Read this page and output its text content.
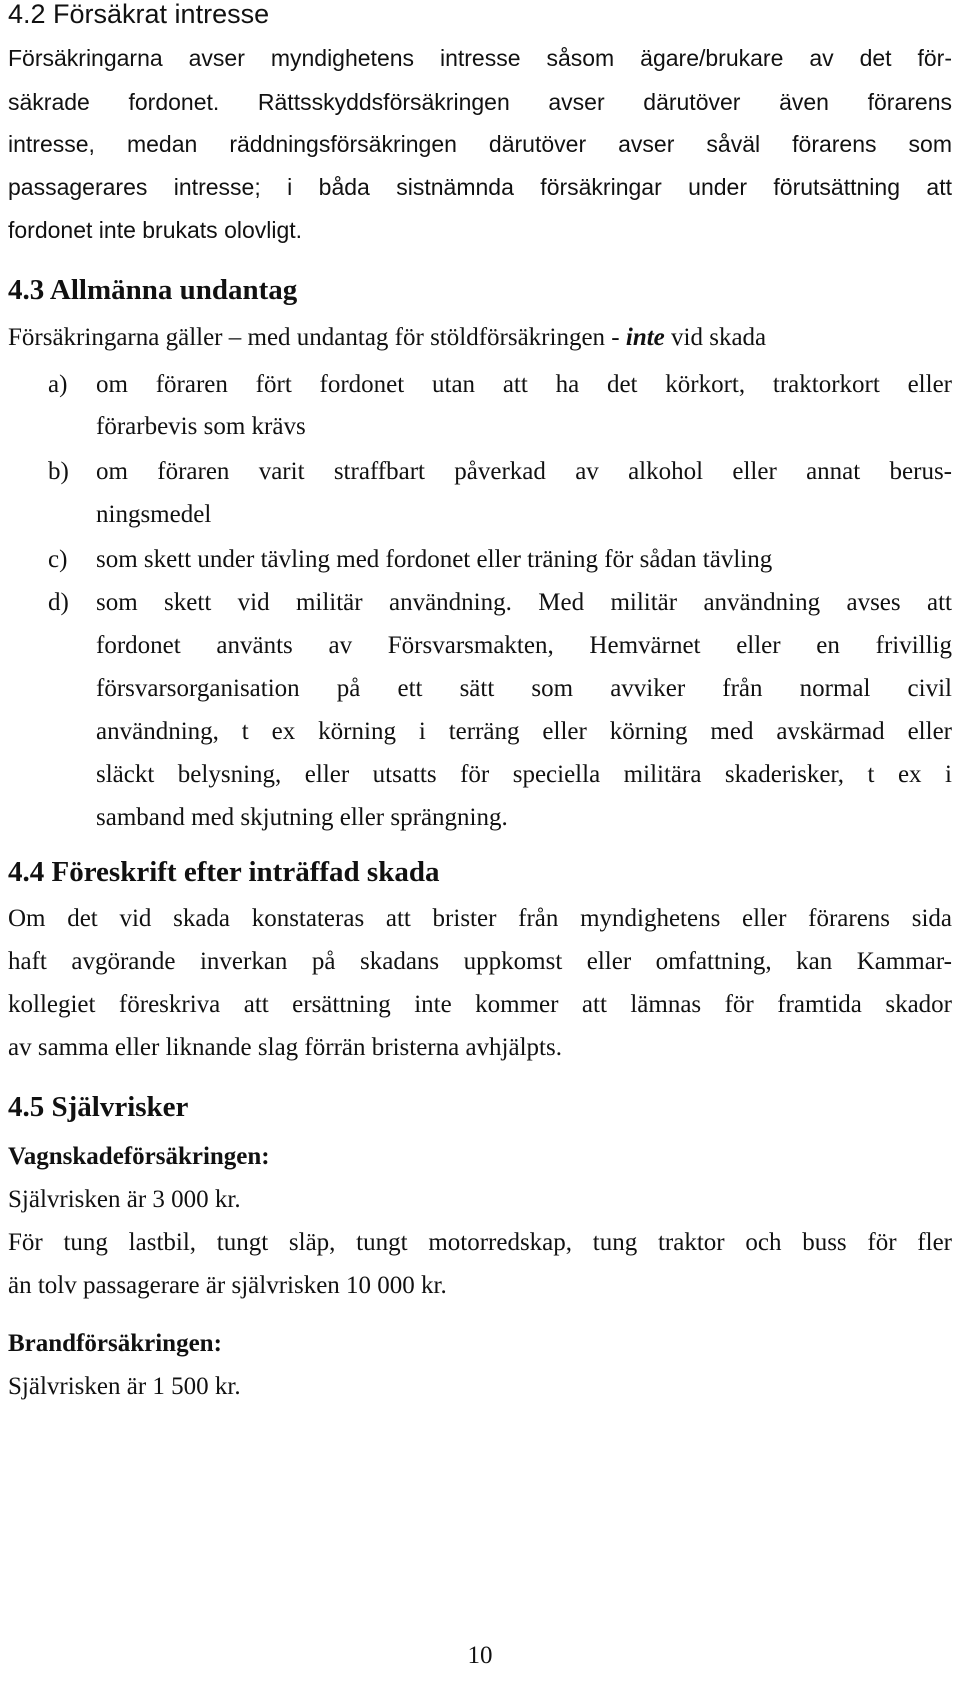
4.2 Försäkrat intresse
Försäkringarna avser myndighetens intresse såsom ägare/brukare av det för-
säkrade fordonet. Rättsskyddsförsäkringen avser därutöver även förarens
intresse, medan räddningsförsäkringen därutöver avser såväl förarens som
passagerares intresse; i båda sistnämnda försäkringar under förutsättning att
fordonet inte brukats olovligt.
4.3 Allmänna undantag
Försäkringarna gäller – med undantag för stöldförsäkringen - inte vid skada
a) om föraren fört fordonet utan att ha det körkort, traktorkort eller
förarbevis som krävs
b) om föraren varit straffbart påverkad av alkohol eller annat berus-
ningsmedel
c) som skett under tävling med fordonet eller träning för sådan tävling
d) som skett vid militär användning. Med militär användning avses att
fordonet använts av Försvarsmakten, Hemvärnet eller en frivillig
försvarsorganisation på ett sätt som avviker från normal civil
användning, t ex körning i terräng eller körning med avskärmad eller
släckt belysning, eller utsatts för speciella militära skaderisker, t ex i
samband med skjutning eller sprängning.
4.4 Föreskrift efter inträffad skada
Om det vid skada konstateras att brister från myndighetens eller förarens sida
haft avgörande inverkan på skadans uppkomst eller omfattning, kan Kammar-
kollegiet föreskriva att ersättning inte kommer att lämnas för framtida skador
av samma eller liknande slag förrän bristerna avhjälpts.
4.5 Självrisker
Vagnskadeförsäkringen:
Självrisken är 3 000 kr.
För tung lastbil, tungt släp, tungt motorredskap, tung traktor och buss för fler
än tolv passagerare är självrisken 10 000 kr.
Brandförsäkringen:
Självrisken är 1 500 kr.
10
